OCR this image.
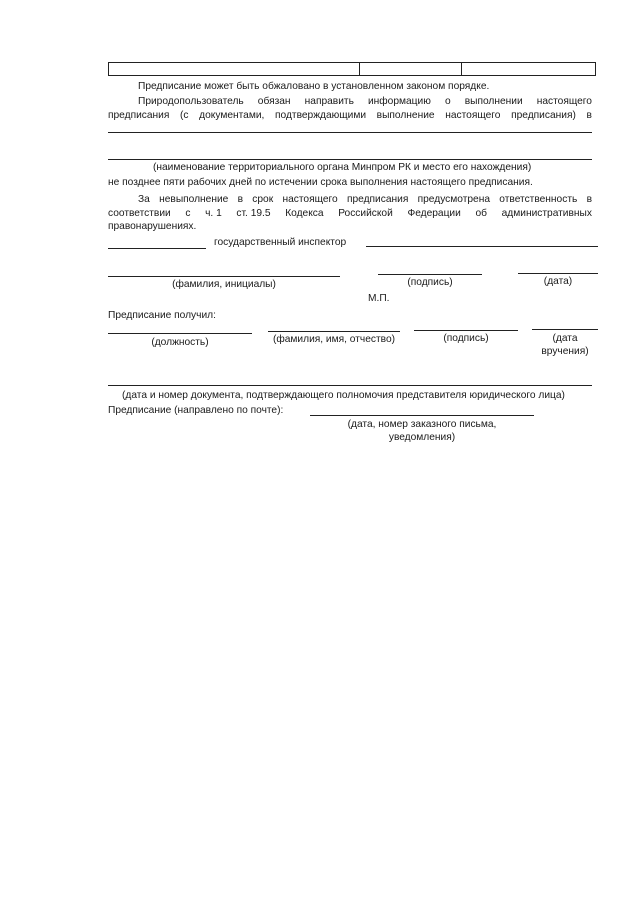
Предписание может быть обжаловано в установленном законом порядке.
Природопользователь обязан направить информацию о выполнении настоящего
предписания (с документами, подтверждающими выполнение настоящего предписания) в
(наименование территориального органа Минпром РК и место его нахождения)
не позднее пяти рабочих дней по истечении срока выполнения настоящего предписания.
За невыполнение в срок настоящего предписания предусмотрена ответственность в
соответствии с ч. 1 ст. 19.5 Кодекса Российской Федерации об административных
правонарушениях.
государственный инспектор
(фамилия, инициалы)	(подпись)	(дата)
М.П.
Предписание получил:
(должность)	(фамилия, имя, отчество)	(подпись)	(дата
вручения)
(дата и номер документа, подтверждающего полномочия представителя юридического лица)
Предписание (направлено по почте):
(дата, номер заказного письма,
уведомления)
